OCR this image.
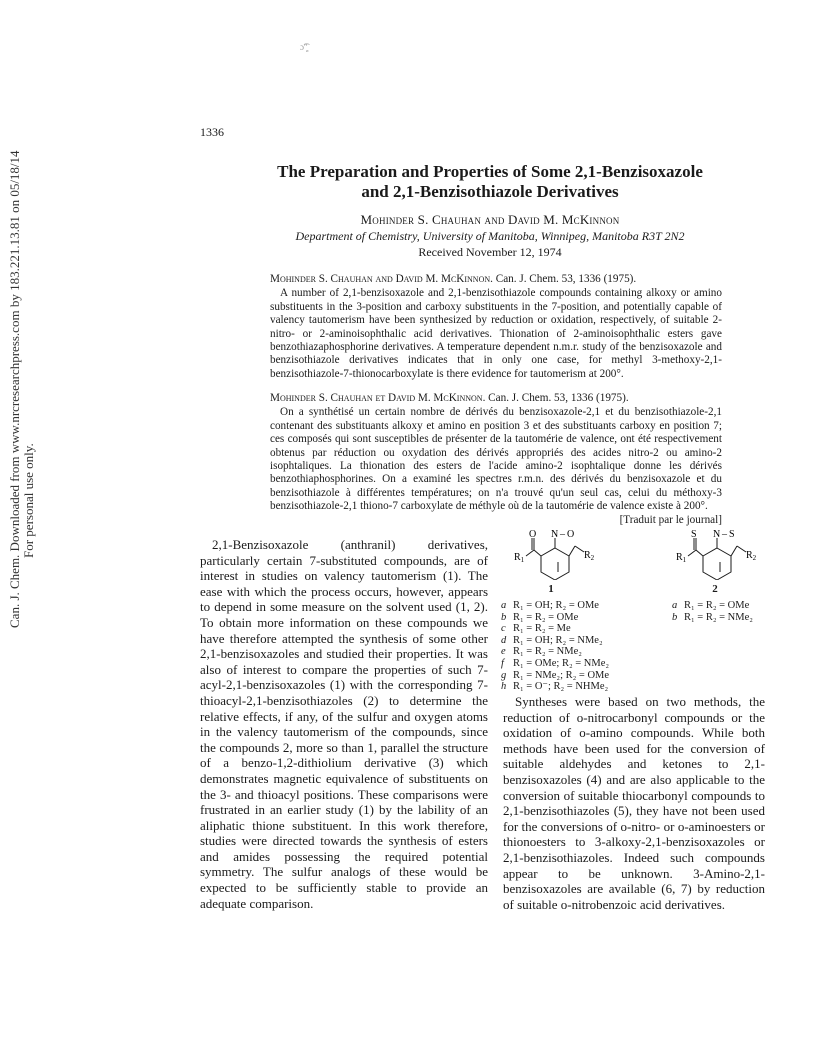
ɔ͡ʺ̤᷊
Can. J. Chem. Downloaded from www.nrcresearchpress.com by 183.221.13.81 on 05/18/14 For personal use only.
1336
The Preparation and Properties of Some 2,1-Benzisoxazole
and 2,1-Benzisothiazole Derivatives
Mohinder S. Chauhan and David M. McKinnon
Department of Chemistry, University of Manitoba, Winnipeg, Manitoba R3T 2N2
Received November 12, 1974

Mohinder S. Chauhan and David M. McKinnon. Can. J. Chem. 53, 1336 (1975).

A number of 2,1-benzisoxazole and 2,1-benzisothiazole compounds containing alkoxy or amino substituents in the 3-position and carboxy substituents in the 7-position, and potentially capable of valency tautomerism have been synthesized by reduction or oxidation, respectively, of suitable 2-nitro- or 2-aminoisophthalic acid derivatives. Thionation of 2-aminoisophthalic esters gave benzothiazaphosphorine derivatives. A temperature dependent n.m.r. study of the benzisoxazole and benzisothiazole derivatives indicates that in only one case, for methyl 3-methoxy-2,1-benzisothiazole-7-thionocarboxylate is there evidence for tautomerism at 200°.

Mohinder S. Chauhan et David M. McKinnon. Can. J. Chem. 53, 1336 (1975).

On a synthétisé un certain nombre de dérivés du benzisoxazole-2,1 et du benzisothiazole-2,1 contenant des substituants alkoxy et amino en position 3 et des substituants carboxy en position 7; ces composés qui sont susceptibles de présenter de la tautomérie de valence, ont été respectivement obtenus par réduction ou oxydation des dérivés appropriés des acides nitro-2 ou amino-2 isophtaliques. La thionation des esters de l'acide amino-2 isophtalique donne les dérivés benzothiaphosphorines. On a examiné les spectres r.m.n. des dérivés du benzisoxazole et du benzisothiazole à différentes températures; on n'a trouvé qu'un seul cas, celui du méthoxy-3 benzisothiazole-2,1 thiono-7 carboxylate de méthyle où de la tautomérie de valence existe à 200°.
[Traduit par le journal]

2,1-Benzisoxazole (anthranil) derivatives, particularly certain 7-substituted compounds, are of interest in studies on valency tautomerism (1). The ease with which the process occurs, however, appears to depend in some measure on the solvent used (1, 2). To obtain more information on these compounds we have therefore attempted the synthesis of some other 2,1-benzisoxazoles and studied their properties. It was also of interest to compare the properties of such 7-acyl-2,1-benzisoxazoles (1) with the corresponding 7-thioacyl-2,1-benzisothiazoles (2) to determine the relative effects, if any, of the sulfur and oxygen atoms in the valency tautomerism of the compounds, since the compounds 2, more so than 1, parallel the structure of a benzo-1,2-dithiolium derivative (3) which demonstrates magnetic equivalence of substituents on the 3- and thioacyl positions. These comparisons were frustrated in an earlier study (1) by the lability of an aliphatic thione substituent. In this work therefore, studies were directed towards the synthesis of esters and amides possessing the required potential symmetry. The sulfur analogs of these would be expected to be sufficiently stable to provide an adequate comparison.

O N – O
$R_1$	$R_2$
1
a R₁ = OH; R₂ = OMe
b R₁ = R₂ = OMe
c R₁ = R₂ = Me
d R₁ = OH; R₂ = NMe₂
e R₁ = R₂ = NMe₂
f R₁ = OMe; R₂ = NMe₂
g R₁ = NMe₂; R₂ = OMe
h R₁ = O⁻; R₂ = NHMe₂
S N – S
$R_1$	$R_2$
2
a R₁ = R₂ = OMe
b R₁ = R₂ = NMe₂

Syntheses were based on two methods, the reduction of o-nitrocarbonyl compounds or the oxidation of o-amino compounds. While both methods have been used for the conversion of suitable aldehydes and ketones to 2,1-benzisoxazoles (4) and are also applicable to the conversion of suitable thiocarbonyl compounds to 2,1-benzisothiazoles (5), they have not been used for the conversions of o-nitro- or o-aminoesters or thionoesters to 3-alkoxy-2,1-benzisoxazoles or 2,1-benzisothiazoles. Indeed such compounds appear to be unknown. 3-Amino-2,1-benzisoxazoles are available (6, 7) by reduction of suitable o-nitrobenzoic acid derivatives.
